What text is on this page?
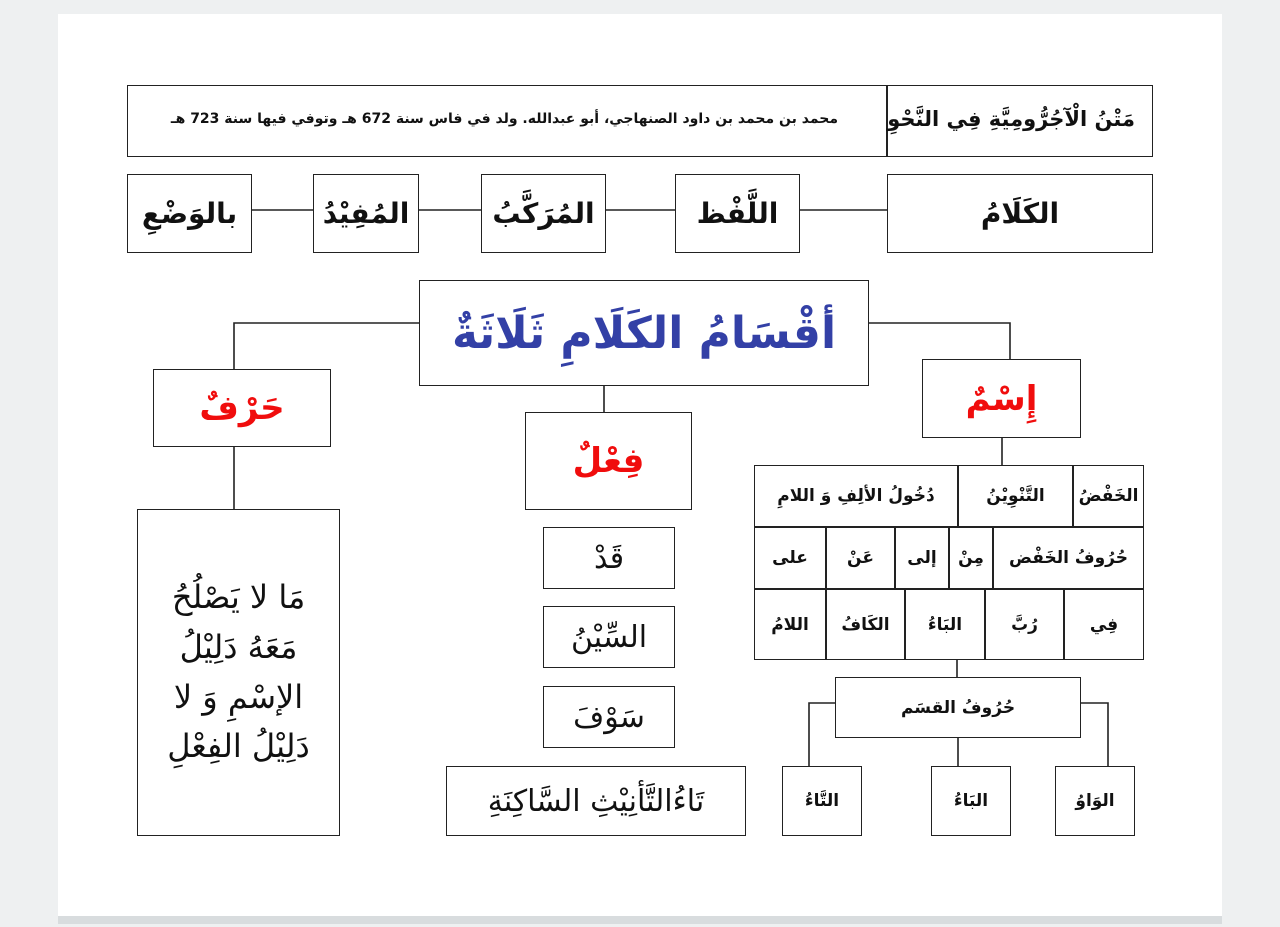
مَتْنُ الْآجُرُّومِيَّةِ فِي النَّحْوِ
محمد بن محمد بن داود الصنهاجي، أبو عبدالله. ولد في فاس سنة 672 هـ وتوفي فيها سنة 723 هـ
الكَلَامُ
اللَّفْظ
المُرَكَّبُ
المُفِيْدُ
بالوَضْعِ
أقْسَامُ الكَلَامِ ثَلَاثَةٌ
حَرْفٌ
فِعْلٌ
إِسْمٌ
مَا لا يَصْلُحُ
مَعَهُ دَلِيْلُ
الإسْمِ وَ لا
دَلِيْلُ الفِعْلِ
قَدْ
السِّيْنُ
سَوْفَ
تَاءُالتَّأنِيْثِ السَّاكِنَةِ
الخَفْضُ
التَّنْوِيْنُ
دُخُولُ الألِفِ وَ اللامِ
حُرُوفُ الخَفْض
مِنْ
إلى
عَنْ
على
فِي
رُبَّ
البَاءُ
الكَافُ
اللامُ
حُرُوفُ القسَم
الوَاوُ
البَاءُ
التَّاءُ
